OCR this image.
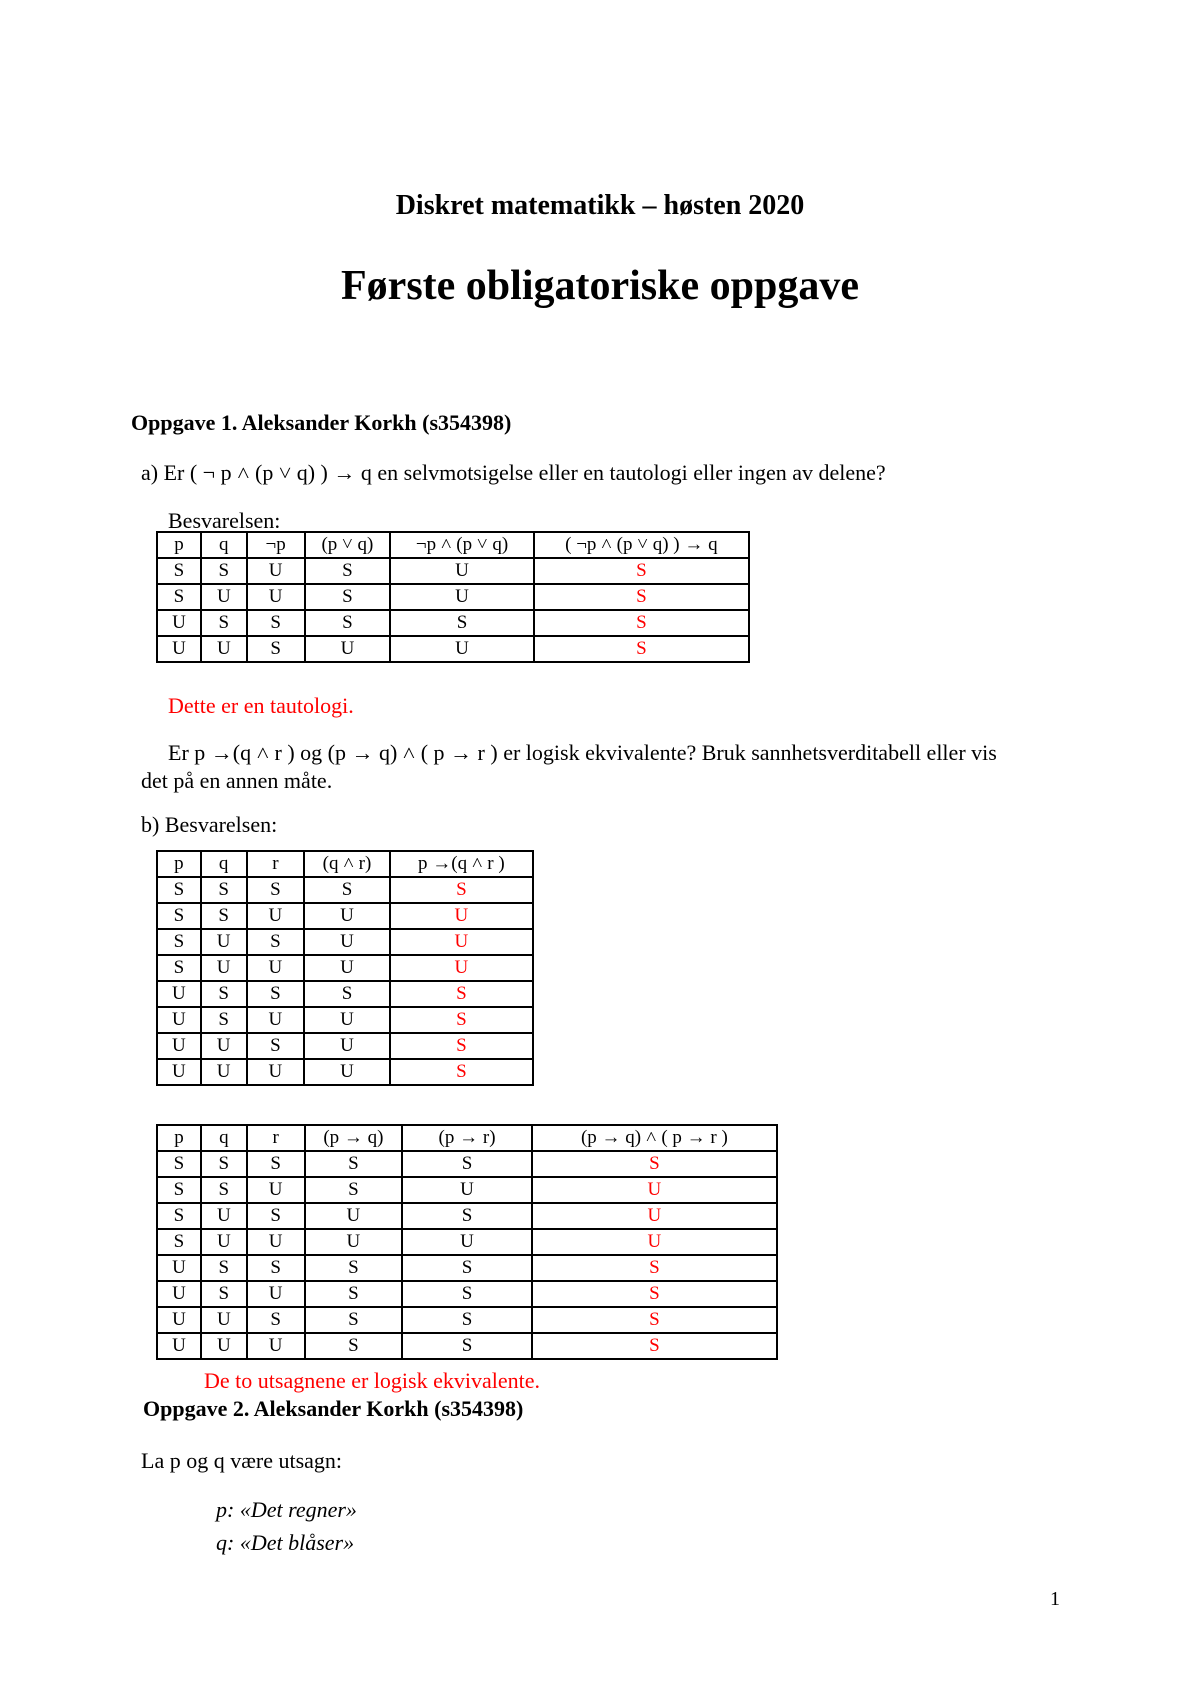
Diskret matematikk – høsten 2020
Første obligatoriske oppgave
Oppgave 1. Aleksander Korkh (s354398)
a) Er ( ¬ p ˄ (p ˅ q) ) → q en selvmotsigelse eller en tautologi eller ingen av delene?
Besvarelsen:
p	q	¬p	(p ˅ q)	¬p ˄ (p ˅ q)	( ¬p ˄ (p ˅ q) ) → q
S	S	U	S	U	S
S	U	U	S	U	S
U	S	S	S	S	S
U	U	S	U	U	S
Dette er en tautologi.
Er p →(q ˄ r ) og (p → q) ˄ ( p → r ) er logisk ekvivalente? Bruk sannhetsverditabell eller vis
det på en annen måte.
b) Besvarelsen:
p	q	r	(q ˄ r)	p →(q ˄ r )
S	S	S	S	S
S	S	U	U	U
S	U	S	U	U
S	U	U	U	U
U	S	S	S	S
U	S	U	U	S
U	U	S	U	S
U	U	U	U	S
p	q	r	(p → q)	(p → r)	(p → q) ˄ ( p → r )
S	S	S	S	S	S
S	S	U	S	U	U
S	U	S	U	S	U
S	U	U	U	U	U
U	S	S	S	S	S
U	S	U	S	S	S
U	U	S	S	S	S
U	U	U	S	S	S
De to utsagnene er logisk ekvivalente.
Oppgave 2. Aleksander Korkh (s354398)
La p og q være utsagn:
p: «Det regner»
q: «Det blåser»
1
